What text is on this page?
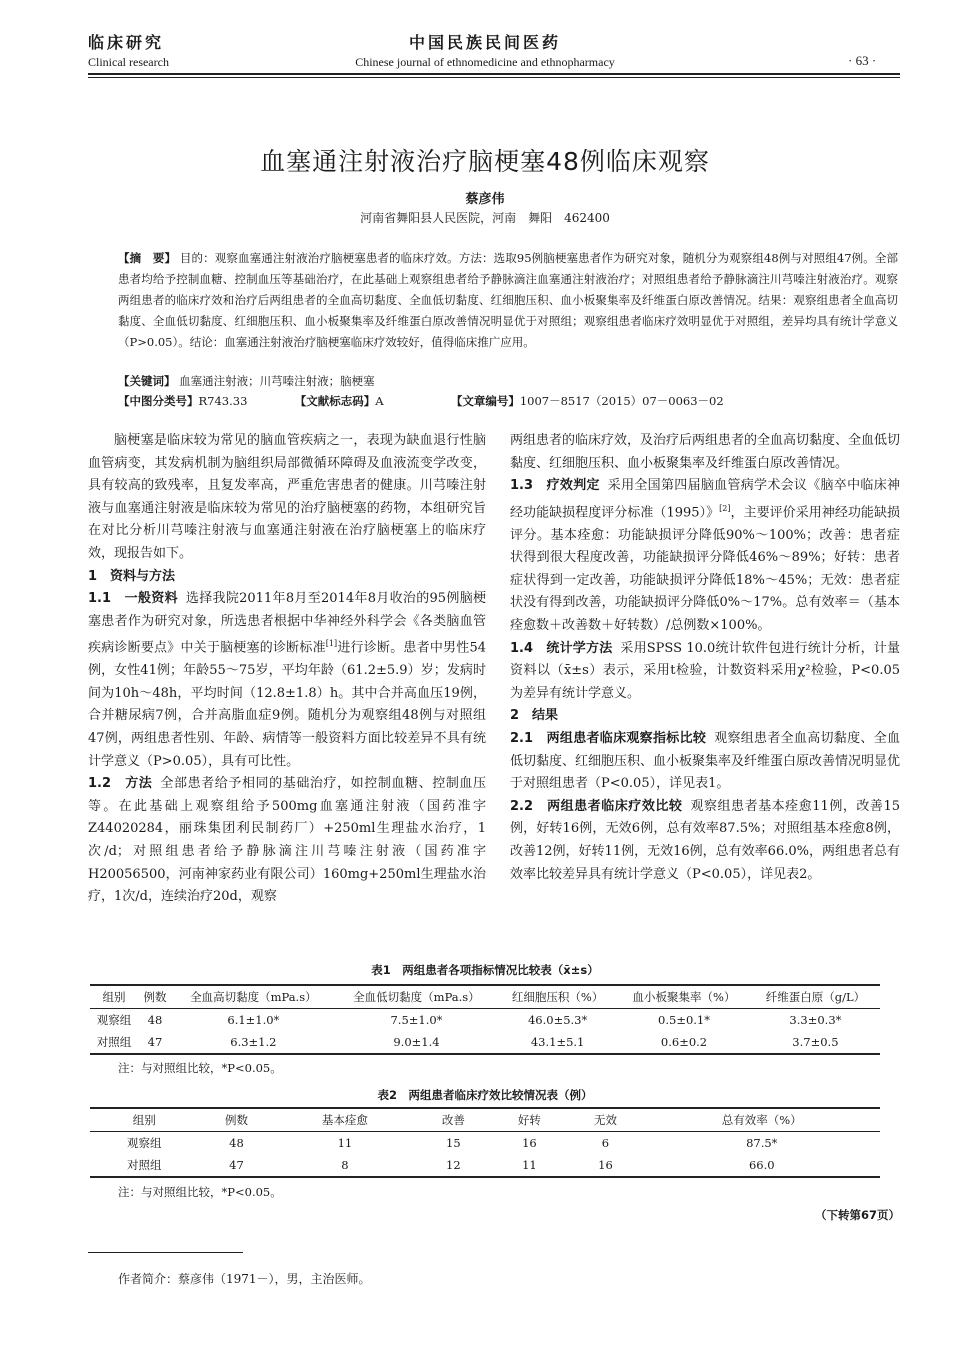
临床研究
Clinical research
中国民族民间医药
Chinese journal of ethnomedicine and ethnopharmacy	· 63 ·
血塞通注射液治疗脑梗塞48例临床观察
蔡彦伟
河南省舞阳县人民医院，河南　舞阳　462400
【摘　要】 目的：观察血塞通注射液治疗脑梗塞患者的临床疗效。方法：选取95例脑梗塞患者作为研究对象，随机分为观察组48例与对照组47例。全部患者均给予控制血糖、控制血压等基础治疗，在此基础上观察组患者给予静脉滴注血塞通注射液治疗；对照组患者给予静脉滴注川芎嗪注射液治疗。观察两组患者的临床疗效和治疗后两组患者的全血高切黏度、全血低切黏度、红细胞压积、血小板聚集率及纤维蛋白原改善情况。结果：观察组患者全血高切黏度、全血低切黏度、红细胞压积、血小板聚集率及纤维蛋白原改善情况明显优于对照组；观察组患者临床疗效明显优于对照组，差异均具有统计学意义（P>0.05）。结论：血塞通注射液治疗脑梗塞临床疗效较好，值得临床推广应用。
【关键词】 血塞通注射液；川芎嗪注射液；脑梗塞
【中图分类号】R743.33	【文献标志码】A	【文章编号】1007－8517（2015）07－0063－02

脑梗塞是临床较为常见的脑血管疾病之一，表现为缺血退行性脑血管病变，其发病机制为脑组织局部微循环障碍及血液流变学改变，具有较高的致残率，且复发率高，严重危害患者的健康。川芎嗪注射液与血塞通注射液是临床较为常见的治疗脑梗塞的药物，本组研究旨在对比分析川芎嗪注射液与血塞通注射液在治疗脑梗塞上的临床疗效，现报告如下。

1　资料与方法

1.1　一般资料 选择我院2011年8月至2014年8月收治的95例脑梗塞患者作为研究对象，所选患者根据中华神经外科学会《各类脑血管疾病诊断要点》中关于脑梗塞的诊断标准[1]进行诊断。患者中男性54例，女性41例；年龄55～75岁，平均年龄（61.2±5.9）岁；发病时间为10h～48h，平均时间（12.8±1.8）h。其中合并高血压19例，合并糖尿病7例，合并高脂血症9例。随机分为观察组48例与对照组47例，两组患者性别、年龄、病情等一般资料方面比较差异不具有统计学意义（P>0.05），具有可比性。

1.2　方法 全部患者给予相同的基础治疗，如控制血糖、控制血压等。在此基础上观察组给予500mg血塞通注射液（国药准字Z44020284，丽珠集团利民制药厂）+250ml生理盐水治疗，1次/d；对照组患者给予静脉滴注川芎嗪注射液（国药准字H20056500，河南神家药业有限公司）160mg+250ml生理盐水治疗，1次/d，连续治疗20d，观察

两组患者的临床疗效，及治疗后两组患者的全血高切黏度、全血低切黏度、红细胞压积、血小板聚集率及纤维蛋白原改善情况。

1.3　疗效判定 采用全国第四届脑血管病学术会议《脑卒中临床神经功能缺损程度评分标准（1995）》[2]，主要评价采用神经功能缺损评分。基本痊愈：功能缺损评分降低90%～100%；改善：患者症状得到很大程度改善，功能缺损评分降低46%～89%；好转：患者症状得到一定改善，功能缺损评分降低18%～45%；无效：患者症状没有得到改善，功能缺损评分降低0%～17%。总有效率＝（基本痊愈数＋改善数＋好转数）/总例数×100%。

1.4　统计学方法 采用SPSS 10.0统计软件包进行统计分析，计量资料以（x̄±s）表示，采用t检验，计数资料采用χ²检验，P<0.05为差异有统计学意义。

2　结果

2.1　两组患者临床观察指标比较 观察组患者全血高切黏度、全血低切黏度、红细胞压积、血小板聚集率及纤维蛋白原改善情况明显优于对照组患者（P<0.05），详见表1。

2.2　两组患者临床疗效比较 观察组患者基本痊愈11例，改善15例，好转16例，无效6例，总有效率87.5%；对照组基本痊愈8例，改善12例，好转11例，无效16例，总有效率66.0%，两组患者总有效率比较差异具有统计学意义（P<0.05），详见表2。

表1　两组患者各项指标情况比较表（x̄±s）
组别	例数	全血高切黏度（mPa.s）	全血低切黏度（mPa.s）	红细胞压积（%）	血小板聚集率（%）	纤维蛋白原（g/L）
观察组	48	6.1±1.0*	7.5±1.0*	46.0±5.3*	0.5±0.1*	3.3±0.3*
对照组	47	6.3±1.2	9.0±1.4	43.1±5.1	0.6±0.2	3.7±0.5
注：与对照组比较，*P<0.05。
表2　两组患者临床疗效比较情况表（例）
组别	例数	基本痊愈	改善	好转	无效	总有效率（%）
观察组	48	11	15	16	6	87.5*
对照组	47	8	12	11	16	66.0
注：与对照组比较，*P<0.05。
（下转第67页）
作者简介：蔡彦伟（1971－），男，主治医师。
